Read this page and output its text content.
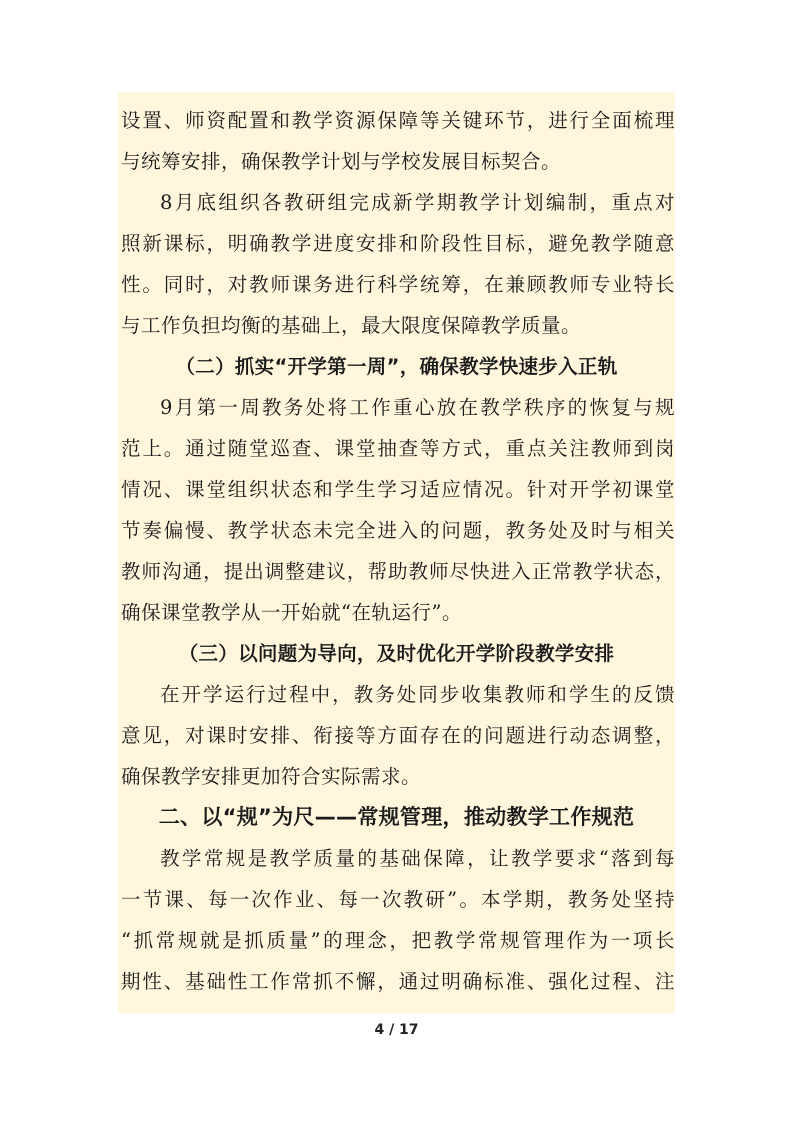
设置、师资配置和教学资源保障等关键环节，进行全面梳理
与统筹安排，确保教学计划与学校发展目标契合。
8月底组织各教研组完成新学期教学计划编制，重点对
照新课标，明确教学进度安排和阶段性目标，避免教学随意
性。同时，对教师课务进行科学统筹，在兼顾教师专业特长
与工作负担均衡的基础上，最大限度保障教学质量。
（二）抓实“开学第一周”，确保教学快速步入正轨
9月第一周教务处将工作重心放在教学秩序的恢复与规
范上。通过随堂巡查、课堂抽查等方式，重点关注教师到岗
情况、课堂组织状态和学生学习适应情况。针对开学初课堂
节奏偏慢、教学状态未完全进入的问题，教务处及时与相关
教师沟通，提出调整建议，帮助教师尽快进入正常教学状态，
确保课堂教学从一开始就“在轨运行”。
（三）以问题为导向，及时优化开学阶段教学安排
在开学运行过程中，教务处同步收集教师和学生的反馈
意见，对课时安排、衔接等方面存在的问题进行动态调整，
确保教学安排更加符合实际需求。
二、以“规”为尺——常规管理，推动教学工作规范
教学常规是教学质量的基础保障，让教学要求“落到每
一节课、每一次作业、每一次教研”。本学期，教务处坚持
“抓常规就是抓质量”的理念，把教学常规管理作为一项长
期性、基础性工作常抓不懈，通过明确标准、强化过程、注
4 / 17
